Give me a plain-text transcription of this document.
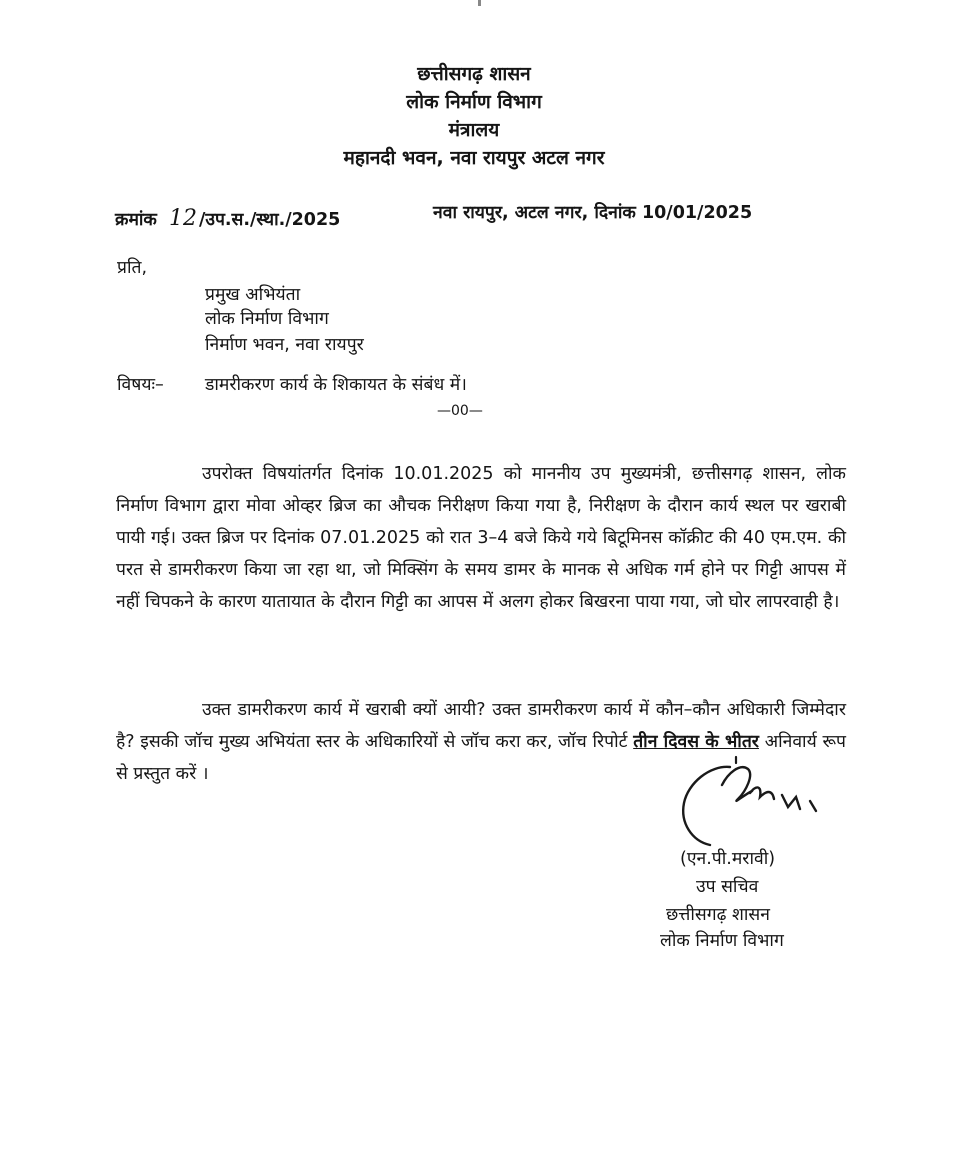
छत्तीसगढ़ शासन
लोक निर्माण विभाग
मंत्रालय
महानदी भवन, नवा रायपुर अटल नगर
क्रमांक 12 /उप.स./स्था./2025	नवा रायपुर, अटल नगर, दिनांक 10/01/2025
प्रति,
प्रमुख अभियंता
लोक निर्माण विभाग
निर्माण भवन, नवा रायपुर
विषयः– डामरीकरण कार्य के शिकायत के संबंध में।
—00—
उपरोक्त विषयांतर्गत दिनांक 10.01.2025 को माननीय उप मुख्यमंत्री, छत्तीसगढ़ शासन, लोक निर्माण विभाग द्वारा मोवा ओव्हर ब्रिज का औचक निरीक्षण किया गया है, निरीक्षण के दौरान कार्य स्थल पर खराबी पायी गई। उक्त ब्रिज पर दिनांक 07.01.2025 को रात 3–4 बजे किये गये बिटूमिनस कॉक्रीट की 40 एम.एम. की परत से डामरीकरण किया जा रहा था, जो मिक्सिंग के समय डामर के मानक से अधिक गर्म होने पर गिट्टी आपस में नहीं चिपकने के कारण यातायात के दौरान गिट्टी का आपस में अलग होकर बिखरना पाया गया, जो घोर लापरवाही है।
उक्त डामरीकरण कार्य में खराबी क्यों आयी? उक्त डामरीकरण कार्य में कौन–कौन अधिकारी जिम्मेदार है? इसकी जॉच मुख्य अभियंता स्तर के अधिकारियों से जॉच करा कर, जॉच रिपोर्ट तीन दिवस के भीतर अनिवार्य रूप से प्रस्तुत करें ।
(एन.पी.मरावी)
उप सचिव
छत्तीसगढ़ शासन
लोक निर्माण विभाग
